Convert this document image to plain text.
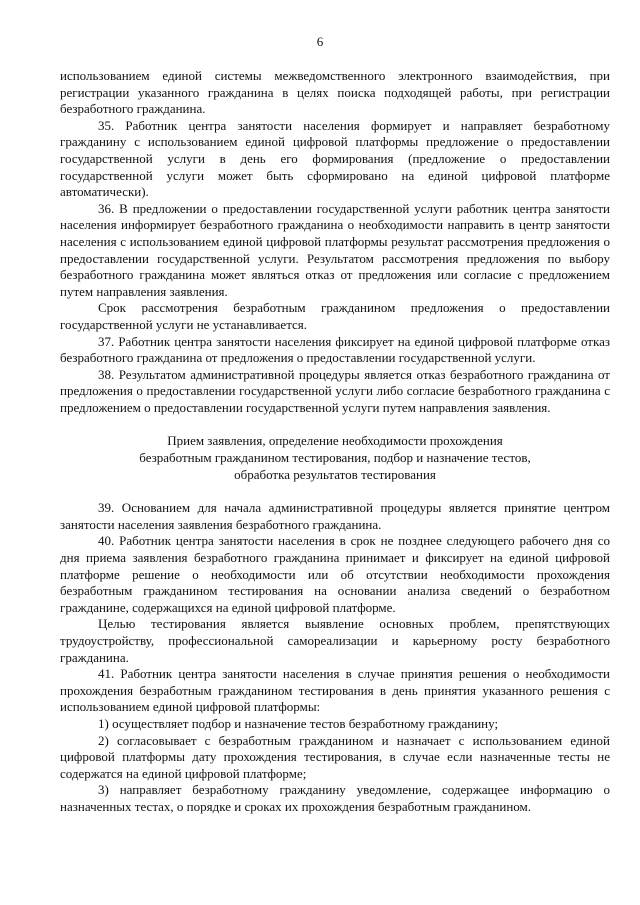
6

использованием единой системы межведомственного электронного взаимодействия, при регистрации указанного гражданина в целях поиска подходящей работы, при регистрации безработного гражданина.

35. Работник центра занятости населения формирует и направляет безработному гражданину с использованием единой цифровой платформы предложение о предоставлении государственной услуги в день его формирования (предложение о предоставлении государственной услуги может быть сформировано на единой цифровой платформе автоматически).

36. В предложении о предоставлении государственной услуги работник центра занятости населения информирует безработного гражданина о необходимости направить в центр занятости населения с использованием единой цифровой платформы результат рассмотрения предложения о предоставлении государственной услуги. Результатом рассмотрения предложения по выбору безработного гражданина может являться отказ от предложения или согласие с предложением путем направления заявления.

Срок рассмотрения безработным гражданином предложения о предоставлении государственной услуги не устанавливается.

37. Работник центра занятости населения фиксирует на единой цифровой платформе отказ безработного гражданина от предложения о предоставлении государственной услуги.

38. Результатом административной процедуры является отказ безработного гражданина от предложения о предоставлении государственной услуги либо согласие безработного гражданина с предложением о предоставлении государственной услуги путем направления заявления.

Прием заявления, определение необходимости прохождения
безработным гражданином тестирования, подбор и назначение тестов,
обработка результатов тестирования

39. Основанием для начала административной процедуры является принятие центром занятости населения заявления безработного гражданина.

40. Работник центра занятости населения в срок не позднее следующего рабочего дня со дня приема заявления безработного гражданина принимает и фиксирует на единой цифровой платформе решение о необходимости или об отсутствии необходимости прохождения безработным гражданином тестирования на основании анализа сведений о безработном гражданине, содержащихся на единой цифровой платформе.

Целью тестирования является выявление основных проблем, препятствующих трудоустройству, профессиональной самореализации и карьерному росту безработного гражданина.

41. Работник центра занятости населения в случае принятия решения о необходимости прохождения безработным гражданином тестирования в день принятия указанного решения с использованием единой цифровой платформы:

1) осуществляет подбор и назначение тестов безработному гражданину;

2) согласовывает с безработным гражданином и назначает с использованием единой цифровой платформы дату прохождения тестирования, в случае если назначенные тесты не содержатся на единой цифровой платформе;

3) направляет безработному гражданину уведомление, содержащее информацию о назначенных тестах, о порядке и сроках их прохождения безработным гражданином.
